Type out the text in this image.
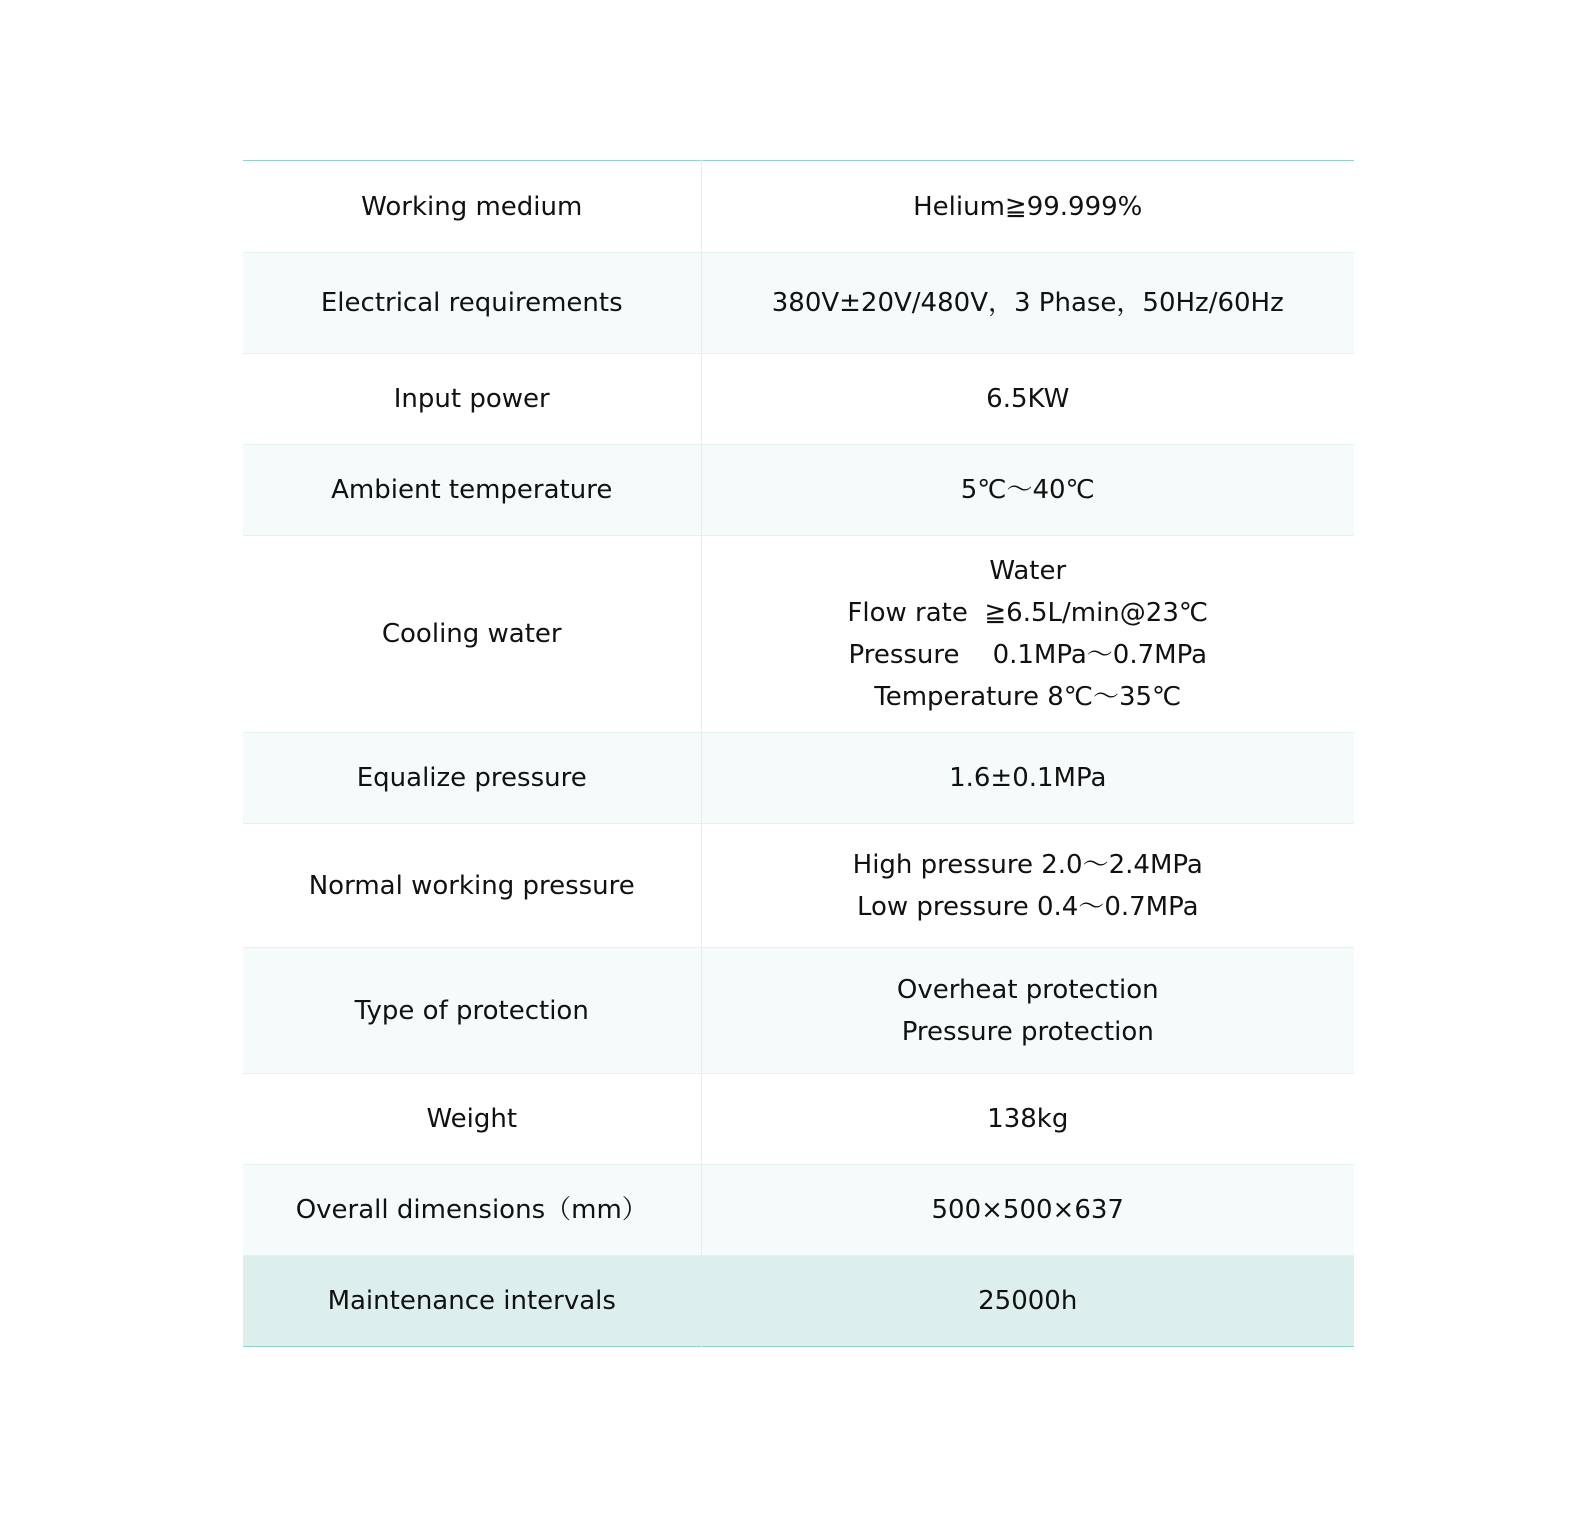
Working medium	Helium≧99.999%

Electrical requirements	380V±20V/480V，3 Phase，50Hz/60Hz

Input power	6.5KW

Ambient temperature	5℃～40℃

Cooling water	Water
Flow rate  ≧6.5L/min@23℃
Pressure    0.1MPa～0.7MPa
Temperature 8℃～35℃

Equalize pressure	1.6±0.1MPa

Normal working pressure	High pressure 2.0～2.4MPa
Low pressure 0.4～0.7MPa

Type of protection	Overheat protection
Pressure protection

Weight	138kg

Overall dimensions（mm）	500×500×637

Maintenance intervals	25000h
